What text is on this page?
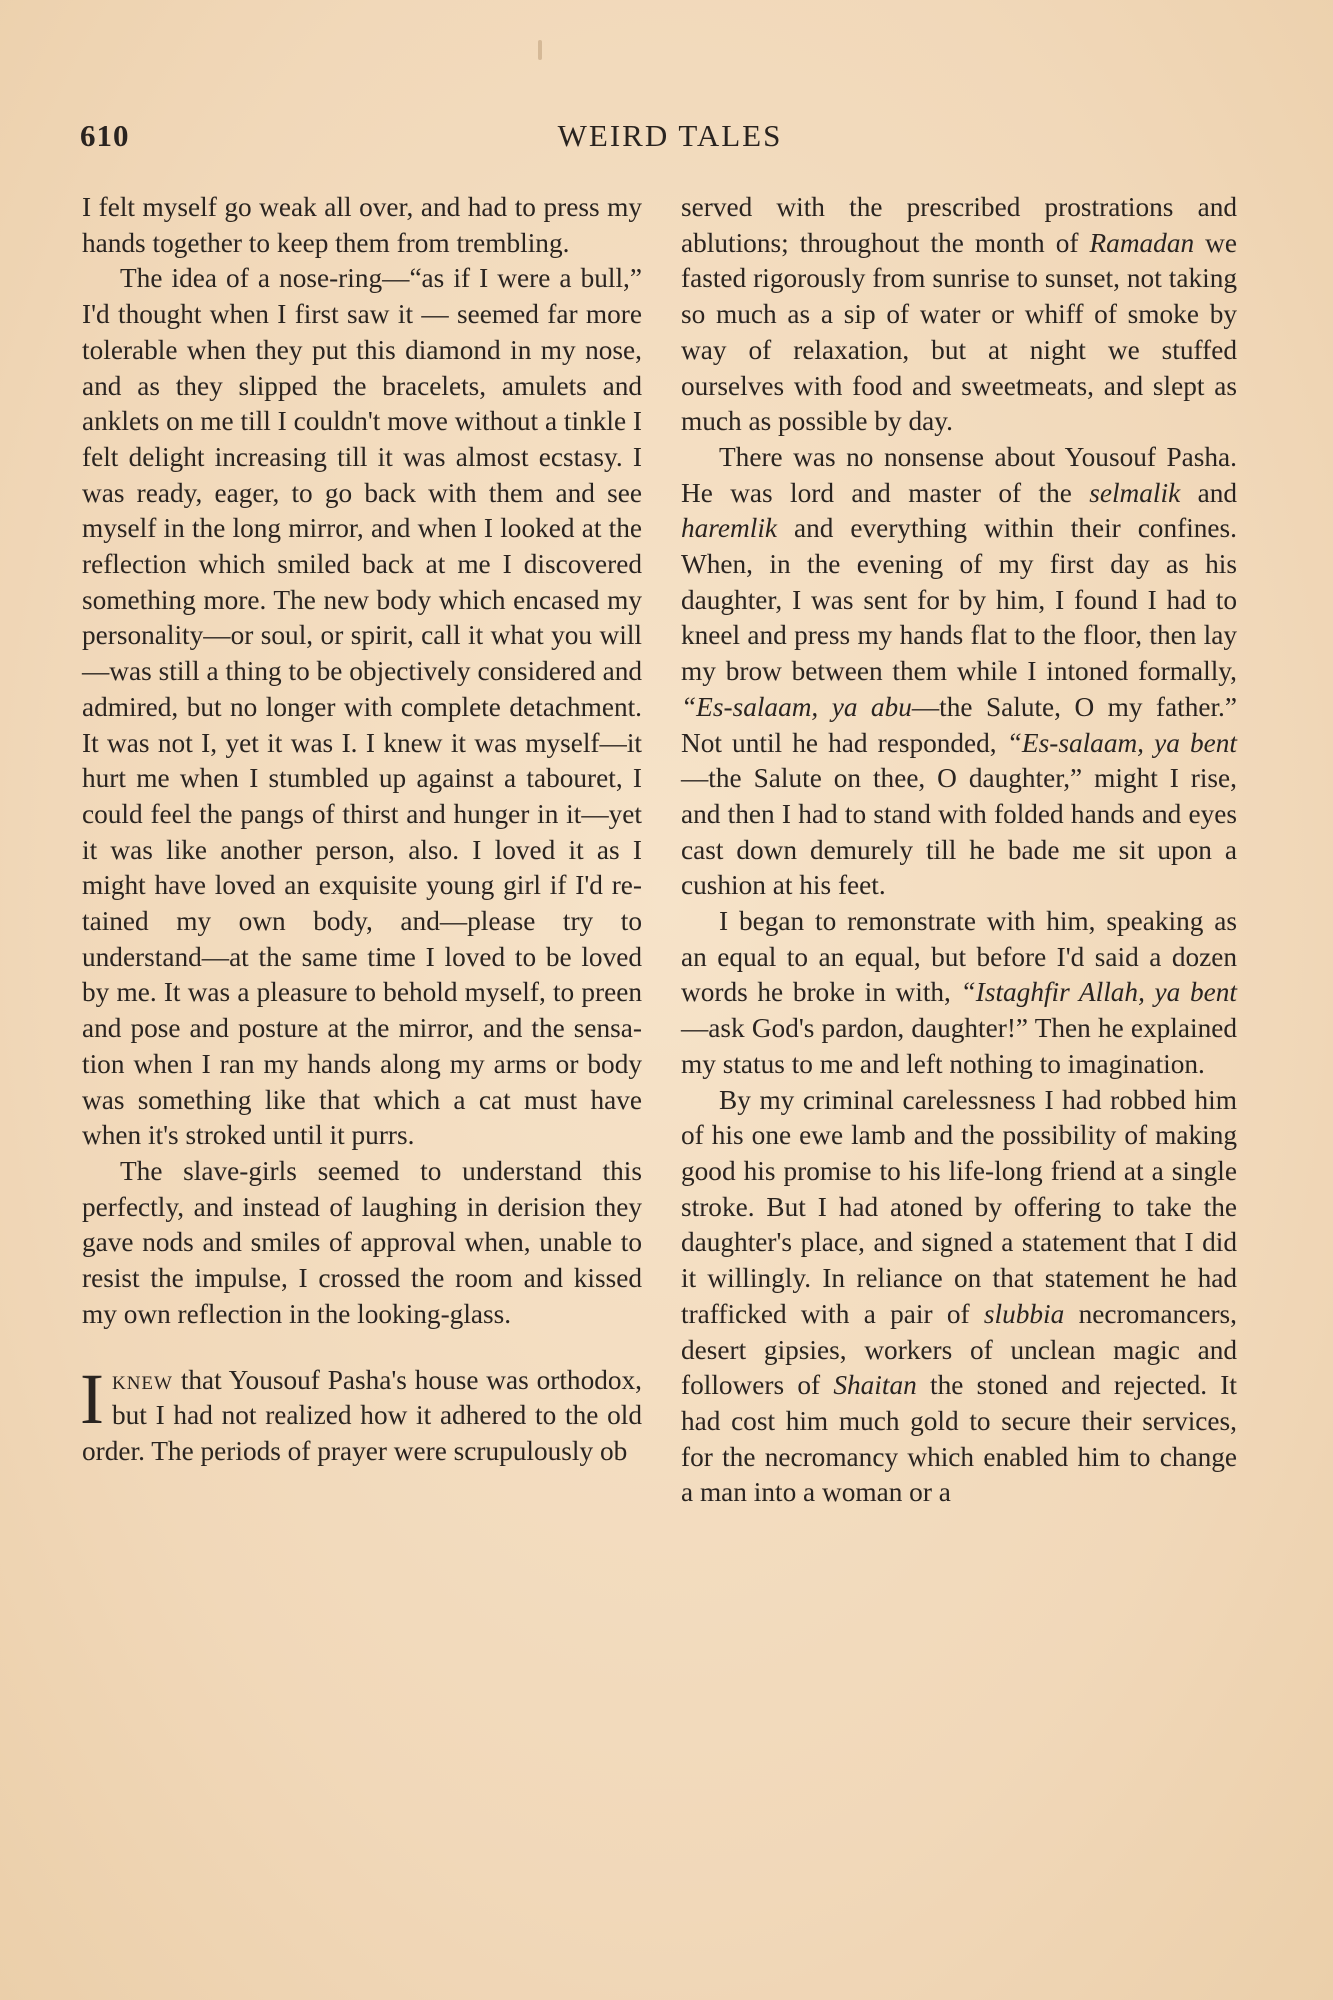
610	WEIRD TALES

I felt myself go weak all over, and had to press my hands together to keep them from trembling.

The idea of a nose-ring—“as if I were a bull,” I'd thought when I first saw it — seemed far more tolerable when they put this diamond in my nose, and as they slipped the bracelets, amulets and anklets on me till I couldn't move without a tinkle I felt delight increasing till it was almost ecstasy. I was ready, eager, to go back with them and see myself in the long mirror, and when I looked at the reflection which smiled back at me I discovered something more. The new body which encased my personality—or soul, or spirit, call it what you will—was still a thing to be objectively considered and admired, but no longer with complete detachment. It was not I, yet it was I. I knew it was myself—it hurt me when I stumbled up against a tabouret, I could feel the pangs of thirst and hunger in it—yet it was like another person, also. I loved it as I might have loved an exquisite young girl if I'd retained my own body, and—please try to understand—at the same time I loved to be loved by me. It was a pleasure to behold myself, to preen and pose and posture at the mirror, and the sensation when I ran my hands along my arms or body was something like that which a cat must have when it's stroked until it purrs.

The slave-girls seemed to understand this perfectly, and instead of laughing in derision they gave nods and smiles of approval when, unable to resist the impulse, I crossed the room and kissed my own reflection in the looking-glass.

Iknew that Yousouf Pasha's house was orthodox, but I had not realized how it adhered to the old order. The periods of prayer were scrupulously ob

served with the prescribed prostrations and ablutions; throughout the month of Ramadan we fasted rigorously from sunrise to sunset, not taking so much as a sip of water or whiff of smoke by way of relaxation, but at night we stuffed ourselves with food and sweetmeats, and slept as much as possible by day.

There was no nonsense about Yousouf Pasha. He was lord and master of the selmalik and haremlik and everything within their confines. When, in the evening of my first day as his daughter, I was sent for by him, I found I had to kneel and press my hands flat to the floor, then lay my brow between them while I intoned formally, “Es-salaam, ya abu—the Salute, O my father.” Not until he had responded, “Es-salaam, ya bent—the Salute on thee, O daughter,” might I rise, and then I had to stand with folded hands and eyes cast down demurely till he bade me sit upon a cushion at his feet.

I began to remonstrate with him, speaking as an equal to an equal, but before I'd said a dozen words he broke in with, “Istaghfir Allah, ya bent—ask God's pardon, daughter!” Then he explained my status to me and left nothing to imagination.

By my criminal carelessness I had robbed him of his one ewe lamb and the possibility of making good his promise to his life-long friend at a single stroke. But I had atoned by offering to take the daughter's place, and signed a statement that I did it willingly. In reliance on that statement he had trafficked with a pair of slubbia necromancers, desert gipsies, workers of unclean magic and followers of Shaitan the stoned and rejected. It had cost him much gold to secure their services, for the necromancy which enabled him to change a man into a woman or a
